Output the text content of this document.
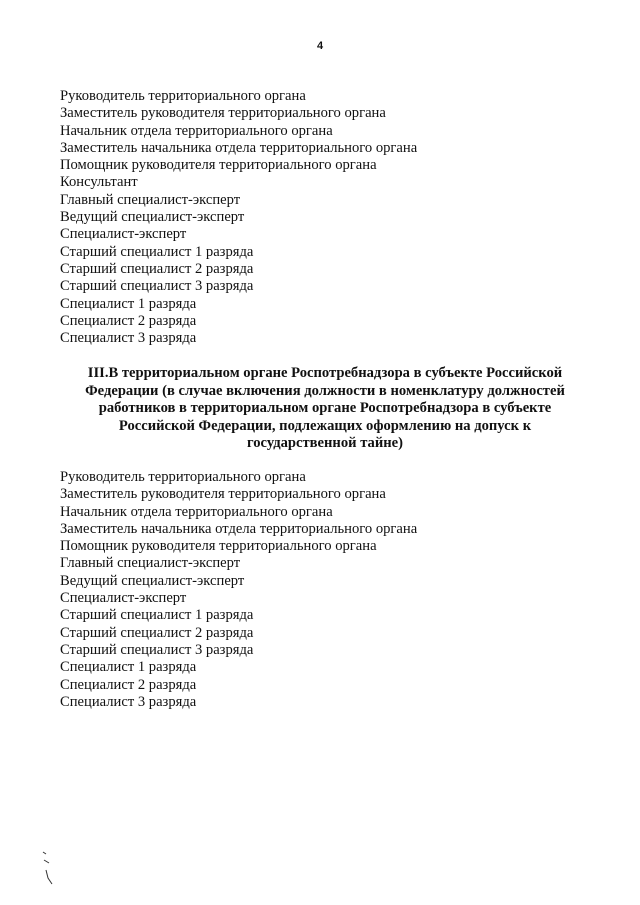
4
Руководитель территориального органа
Заместитель руководителя территориального органа
Начальник отдела территориального органа
Заместитель начальника отдела территориального органа
Помощник руководителя территориального органа
Консультант
Главный специалист-эксперт
Ведущий специалист-эксперт
Специалист-эксперт
Старший специалист 1 разряда
Старший специалист 2 разряда
Старший специалист 3 разряда
Специалист 1 разряда
Специалист 2 разряда
Специалист 3 разряда
III.В территориальном органе Роспотребнадзора в субъекте Российской
Федерации (в случае включения должности в номенклатуру должностей
работников в территориальном органе Роспотребнадзора в субъекте
Российской Федерации, подлежащих оформлению на допуск к
государственной тайне)
Руководитель территориального органа
Заместитель руководителя территориального органа
Начальник отдела территориального органа
Заместитель начальника отдела территориального органа
Помощник руководителя территориального органа
Главный специалист-эксперт
Ведущий специалист-эксперт
Специалист-эксперт
Старший специалист 1 разряда
Старший специалист 2 разряда
Старший специалист 3 разряда
Специалист 1 разряда
Специалист 2 разряда
Специалист 3 разряда
